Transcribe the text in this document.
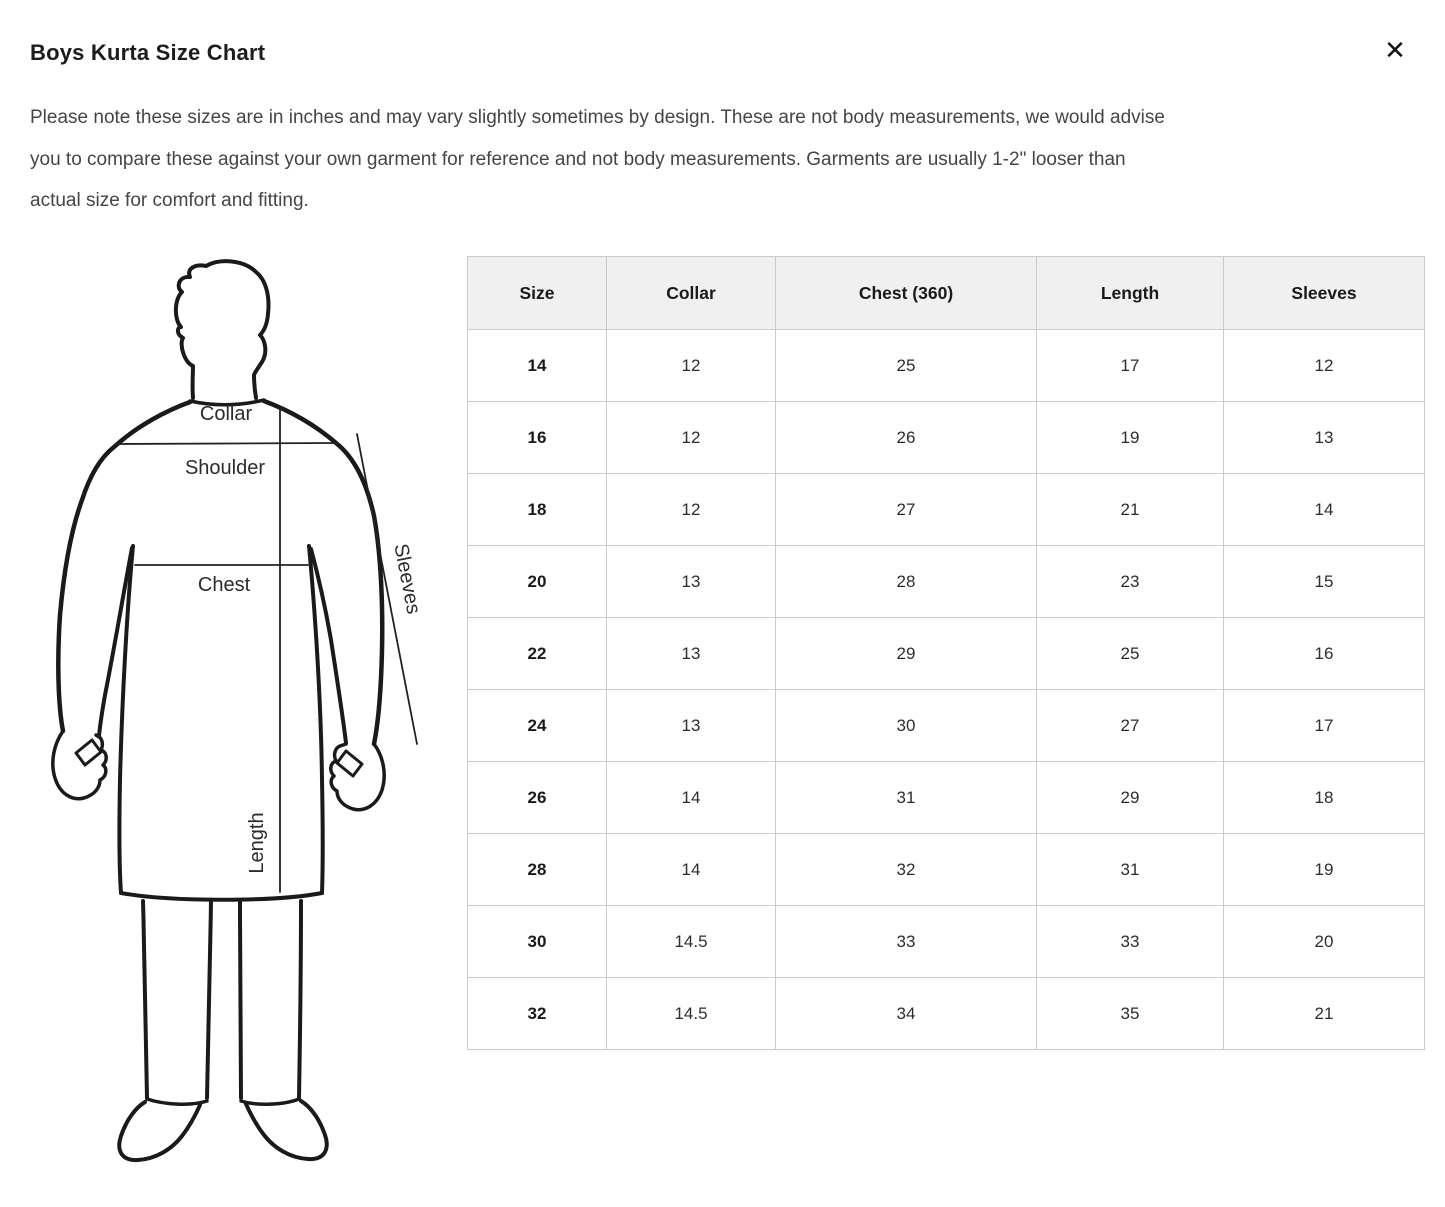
Boys Kurta Size Chart	✕
Please note these sizes are in inches and may vary slightly sometimes by design. These are not body measurements, we would advise
you to compare these against your own garment for reference and not body measurements. Garments are usually 1-2" looser than
actual size for comfort and fitting.
Collar
Shoulder
Chest
Length
Sleeves
Size	Collar	Chest (360)	Length	Sleeves
14	12	25	17	12
16	12	26	19	13
18	12	27	21	14
20	13	28	23	15
22	13	29	25	16
24	13	30	27	17
26	14	31	29	18
28	14	32	31	19
30	14.5	33	33	20
32	14.5	34	35	21
